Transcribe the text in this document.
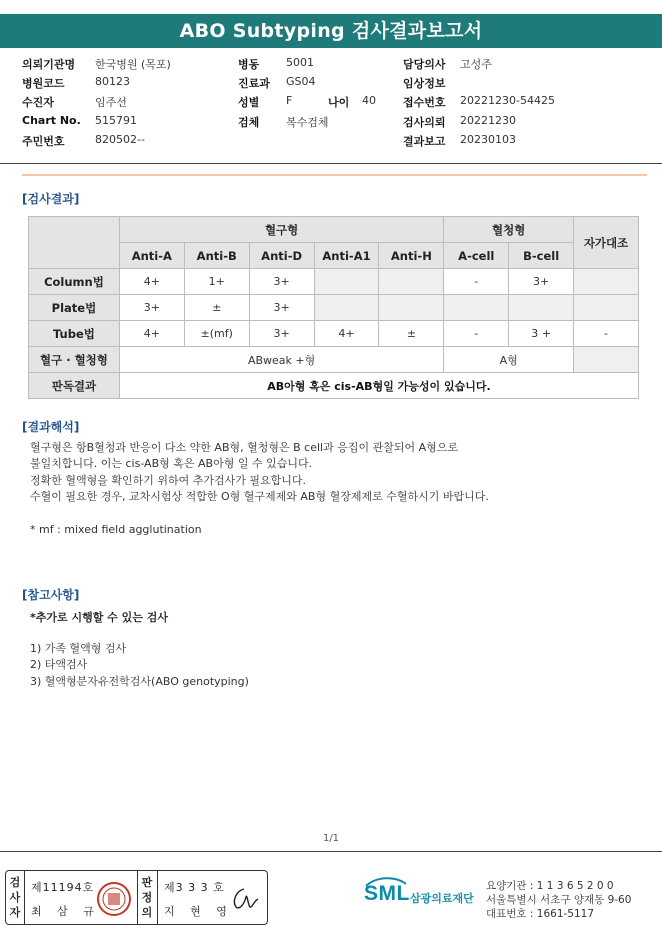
ABO Subtyping 검사결과보고서
의뢰기관명 한국병원 (목포)
병원코드	80123
수진자	임주선
Chart No. 515791
주민번호	820502--
병동 5001
진료과 GS04
성별 F	나이 40
검체 복수검체
담당의사 고성주
임상정보
접수번호 20221230-54425
검사의뢰 20221230
결과보고 20230103
[검사결과]
	혈구형					혈청형		자가대조
	Anti-A	Anti-B	Anti-D	Anti-A1	Anti-H	A-cell	B-cell	
Column법	4+	1+	3+			-	3+	
Plate법	3+	±	3+					
Tube법	4+	±(mf)	3+	4+	±	-	3 +	-
혈구 · 혈청형	ABweak +형					A형		
판독결과	AB아형 혹은 cis-AB형일 가능성이 있습니다.							
[결과해석]
혈구형은 항B혈청과 반응이 다소 약한 AB형, 혈청형은 B cell과 응집이 관찰되어 A형으로
불일치합니다. 이는 cis-AB형 혹은 AB아형 일 수 있습니다.
정확한 혈액형을 확인하기 위하여 추가검사가 필요합니다.
수혈이 필요한 경우, 교차시험상 적합한 O형 혈구제제와 AB형 혈장제제로 수혈하시기 바랍니다.
* mf : mixed field agglutination
[참고사항]
*추가로 시행할 수 있는 검사
1) 가족 혈액형 검사
2) 타액검사
3) 혈액형분자유전학검사(ABO genotyping)
1/1
검사자
제11194호
최 삼 규
판정의
제3 3 3 호
지 현 영
SML 삼광의료재단
요양기관 : 1 1 3 6 5 2 0 0
서울특별시 서초구 양재동 9-60
대표번호 : 1661-5117
